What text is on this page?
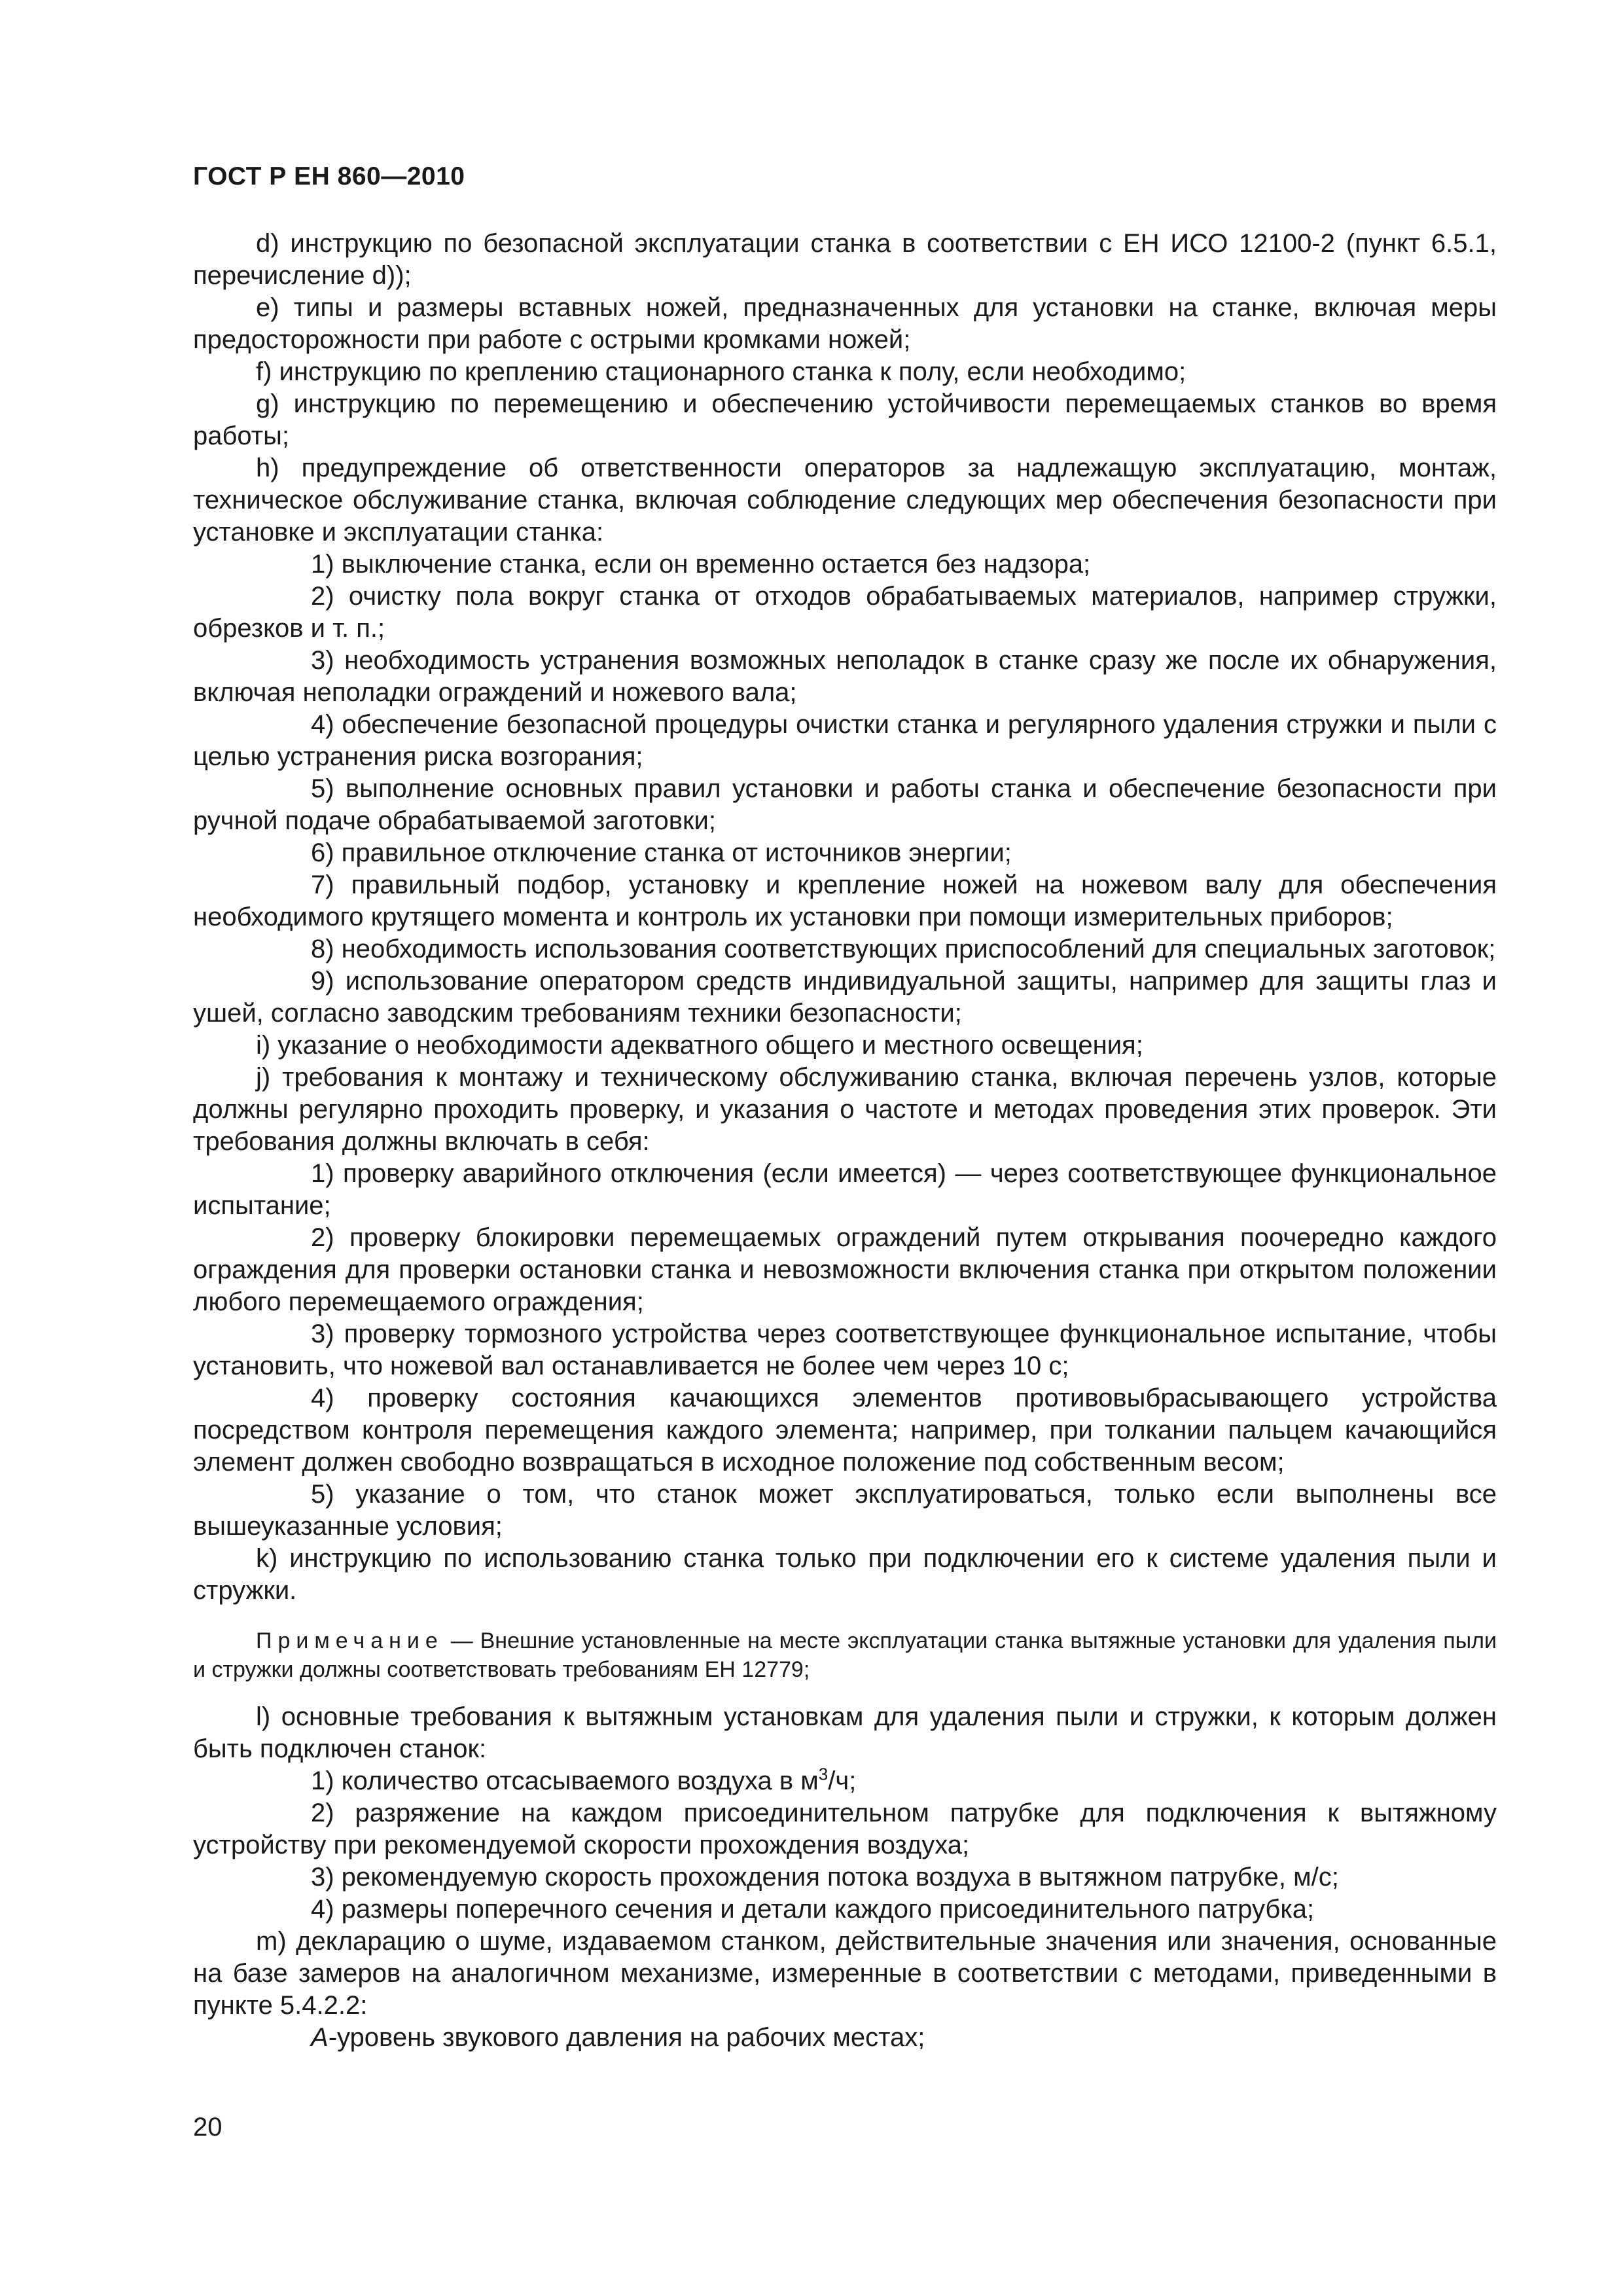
ГОСТ Р ЕН 860—2010

d) инструкцию по безопасной эксплуатации станка в соответствии с ЕН ИСО 12100-2 (пункт 6.5.1, перечисление d));

e) типы и размеры вставных ножей, предназначенных для установки на станке, включая меры предосторожности при работе с острыми кромками ножей;

f) инструкцию по креплению стационарного станка к полу, если необходимо;

g) инструкцию по перемещению и обеспечению устойчивости перемещаемых станков во время работы;

h) предупреждение об ответственности операторов за надлежащую эксплуатацию, монтаж, техническое обслуживание станка, включая соблюдение следующих мер обеспечения безопасности при установке и эксплуатации станка:

1) выключение станка, если он временно остается без надзора;

2) очистку пола вокруг станка от отходов обрабатываемых материалов, например стружки, обрезков и т. п.;

3) необходимость устранения возможных неполадок в станке сразу же после их обнаружения, включая неполадки ограждений и ножевого вала;

4) обеспечение безопасной процедуры очистки станка и регулярного удаления стружки и пыли с целью устранения риска возгорания;

5) выполнение основных правил установки и работы станка и обеспечение безопасности при ручной подаче обрабатываемой заготовки;

6) правильное отключение станка от источников энергии;

7) правильный подбор, установку и крепление ножей на ножевом валу для обеспечения необходимого крутящего момента и контроль их установки при помощи измерительных приборов;

8) необходимость использования соответствующих приспособлений для специальных заготовок;

9) использование оператором средств индивидуальной защиты, например для защиты глаз и ушей, согласно заводским требованиям техники безопасности;

i) указание о необходимости адекватного общего и местного освещения;

j) требования к монтажу и техническому обслуживанию станка, включая перечень узлов, которые должны регулярно проходить проверку, и указания о частоте и методах проведения этих проверок. Эти требования должны включать в себя:

1) проверку аварийного отключения (если имеется) — через соответствующее функциональное испытание;

2) проверку блокировки перемещаемых ограждений путем открывания поочередно каждого ограждения для проверки остановки станка и невозможности включения станка при открытом положении любого перемещаемого ограждения;

3) проверку тормозного устройства через соответствующее функциональное испытание, чтобы установить, что ножевой вал останавливается не более чем через 10 с;

4) проверку состояния качающихся элементов противовыбрасывающего устройства посредством контроля перемещения каждого элемента; например, при толкании пальцем качающийся элемент должен свободно возвращаться в исходное положение под собственным весом;

5) указание о том, что станок может эксплуатироваться, только если выполнены все вышеуказанные условия;

k) инструкцию по использованию станка только при подключении его к системе удаления пыли и стружки.

Примечание — Внешние установленные на месте эксплуатации станка вытяжные установки для удаления пыли и стружки должны соответствовать требованиям ЕН 12779;

l) основные требования к вытяжным установкам для удаления пыли и стружки, к которым должен быть подключен станок:

1) количество отсасываемого воздуха в $м^3/ч$;

2) разряжение на каждом присоединительном патрубке для подключения к вытяжному устройству при рекомендуемой скорости прохождения воздуха;

3) рекомендуемую скорость прохождения потока воздуха в вытяжном патрубке, м/с;

4) размеры поперечного сечения и детали каждого присоединительного патрубка;

m) декларацию о шуме, издаваемом станком, действительные значения или значения, основанные на базе замеров на аналогичном механизме, измеренные в соответствии с методами, приведенными в пункте 5.4.2.2:

А-уровень звукового давления на рабочих местах;

20
